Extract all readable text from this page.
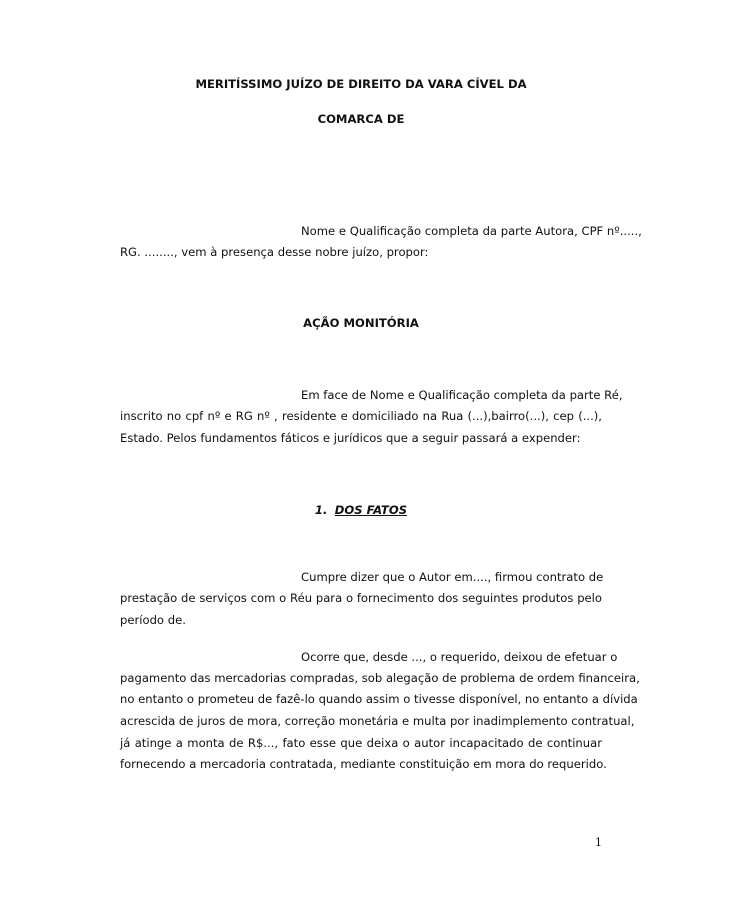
MERITÍSSIMO JUÍZO DE DIREITO DA VARA CÍVEL DA
COMARCA DE
Nome e Qualificação completa da parte Autora, CPF nº.....,
RG. ........, vem à presença desse nobre juízo, propor:
AÇÃO MONITÓRIA
Em face de Nome e Qualificação completa da parte Ré,
inscrito no cpf nº e RG nº , residente e domiciliado na Rua (...),bairro(...), cep (...),
Estado. Pelos fundamentos fáticos e jurídicos que a seguir passará a expender:
1. DOS FATOS
Cumpre dizer que o Autor em...., firmou contrato de
prestação de serviços com o Réu para o fornecimento dos seguintes produtos pelo
período de.
Ocorre que, desde ..., o requerido, deixou de efetuar o
pagamento das mercadorias compradas, sob alegação de problema de ordem financeira,
no entanto o prometeu de fazê-lo quando assim o tivesse disponível, no entanto a dívida
acrescida de juros de mora, correção monetária e multa por inadimplemento contratual,
já atinge a monta de R$..., fato esse que deixa o autor incapacitado de continuar
fornecendo a mercadoria contratada, mediante constituição em mora do requerido.
1
